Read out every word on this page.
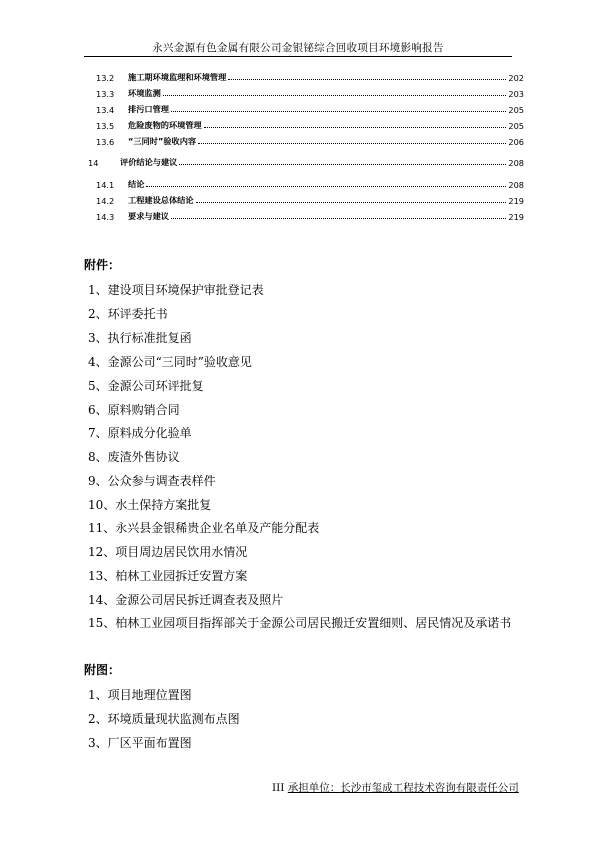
永兴金源有色金属有限公司金银铋综合回收项目环境影响报告
13.2 施工期环境监理和环境管理	202
13.3 环境监测	203
13.4 排污口管理	205
13.5 危险废物的环境管理	205
13.6 “三同时”验收内容	206
14	评价结论与建议	208
14.1 结论	208
14.2 工程建设总体结论	219
14.3 要求与建议	219
附件：
1、建设项目环境保护审批登记表
2、环评委托书
3、执行标准批复函
4、金源公司“三同时”验收意见
5、金源公司环评批复
6、原料购销合同
7、原料成分化验单
8、废渣外售协议
9、公众参与调查表样件
10、水土保持方案批复
11、永兴县金银稀贵企业名单及产能分配表
12、项目周边居民饮用水情况
13、柏林工业园拆迁安置方案
14、金源公司居民拆迁调查表及照片
15、柏林工业园项目指挥部关于金源公司居民搬迁安置细则、居民情况及承诺书
附图：
1、项目地理位置图
2、环境质量现状监测布点图
3、厂区平面布置图
III 承担单位：长沙市玺成工程技术咨询有限责任公司
